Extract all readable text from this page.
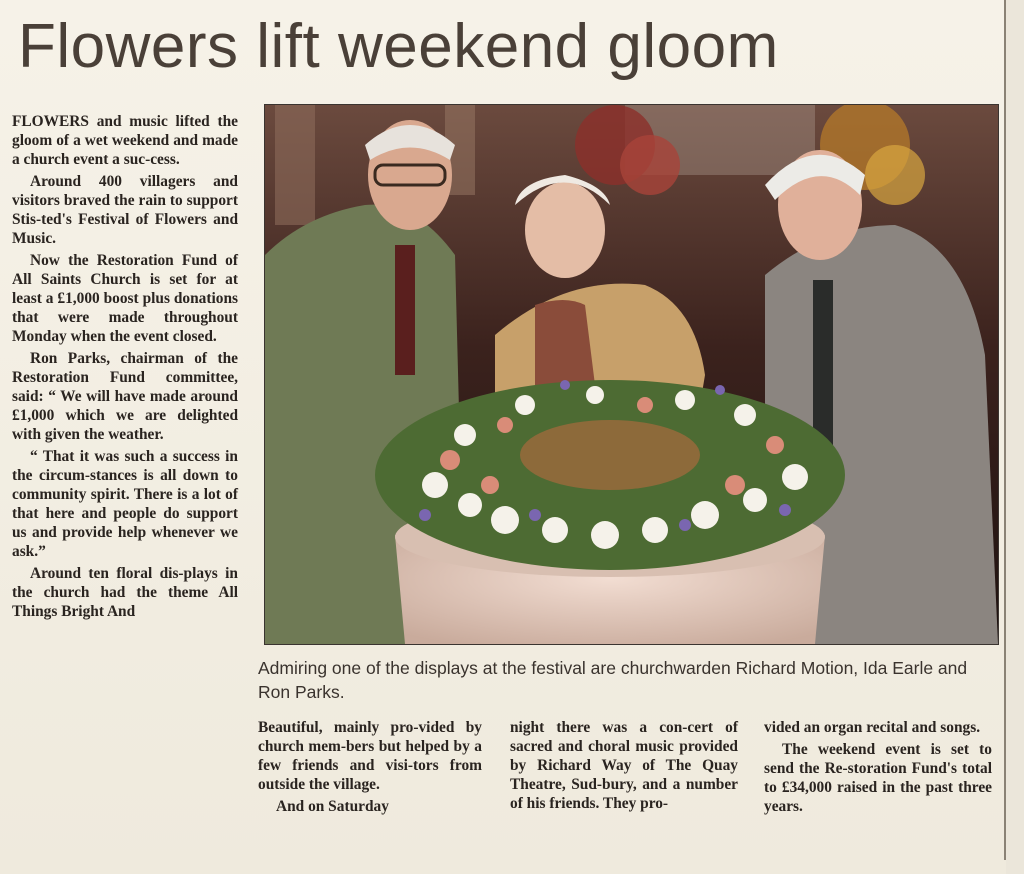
Flowers lift weekend gloom

FLOWERS and music lifted the gloom of a wet weekend and made a church event a suc-cess.

Around 400 villagers and visitors braved the rain to support Stis-ted's Festival of Flowers and Music.

Now the Restoration Fund of All Saints Church is set for at least a £1,000 boost plus donations that were made throughout Monday when the event closed.

Ron Parks, chairman of the Restoration Fund committee, said: “ We will have made around £1,000 which we are delighted with given the weather.

“ That it was such a success in the circum-stances is all down to community spirit. There is a lot of that here and people do support us and provide help whenever we ask.”

Around ten floral dis-plays in the church had the theme All Things Bright And

Admiring one of the displays at the festival are churchwarden Richard Motion, Ida Earle and Ron Parks.

Beautiful, mainly pro-vided by church mem-bers but helped by a few friends and visi-tors from outside the village.

And on Saturday

night there was a con-cert of sacred and choral music provided by Richard Way of The Quay Theatre, Sud-bury, and a number of his friends. They pro-

vided an organ recital and songs.

The weekend event is set to send the Re-storation Fund's total to £34,000 raised in the past three years.
